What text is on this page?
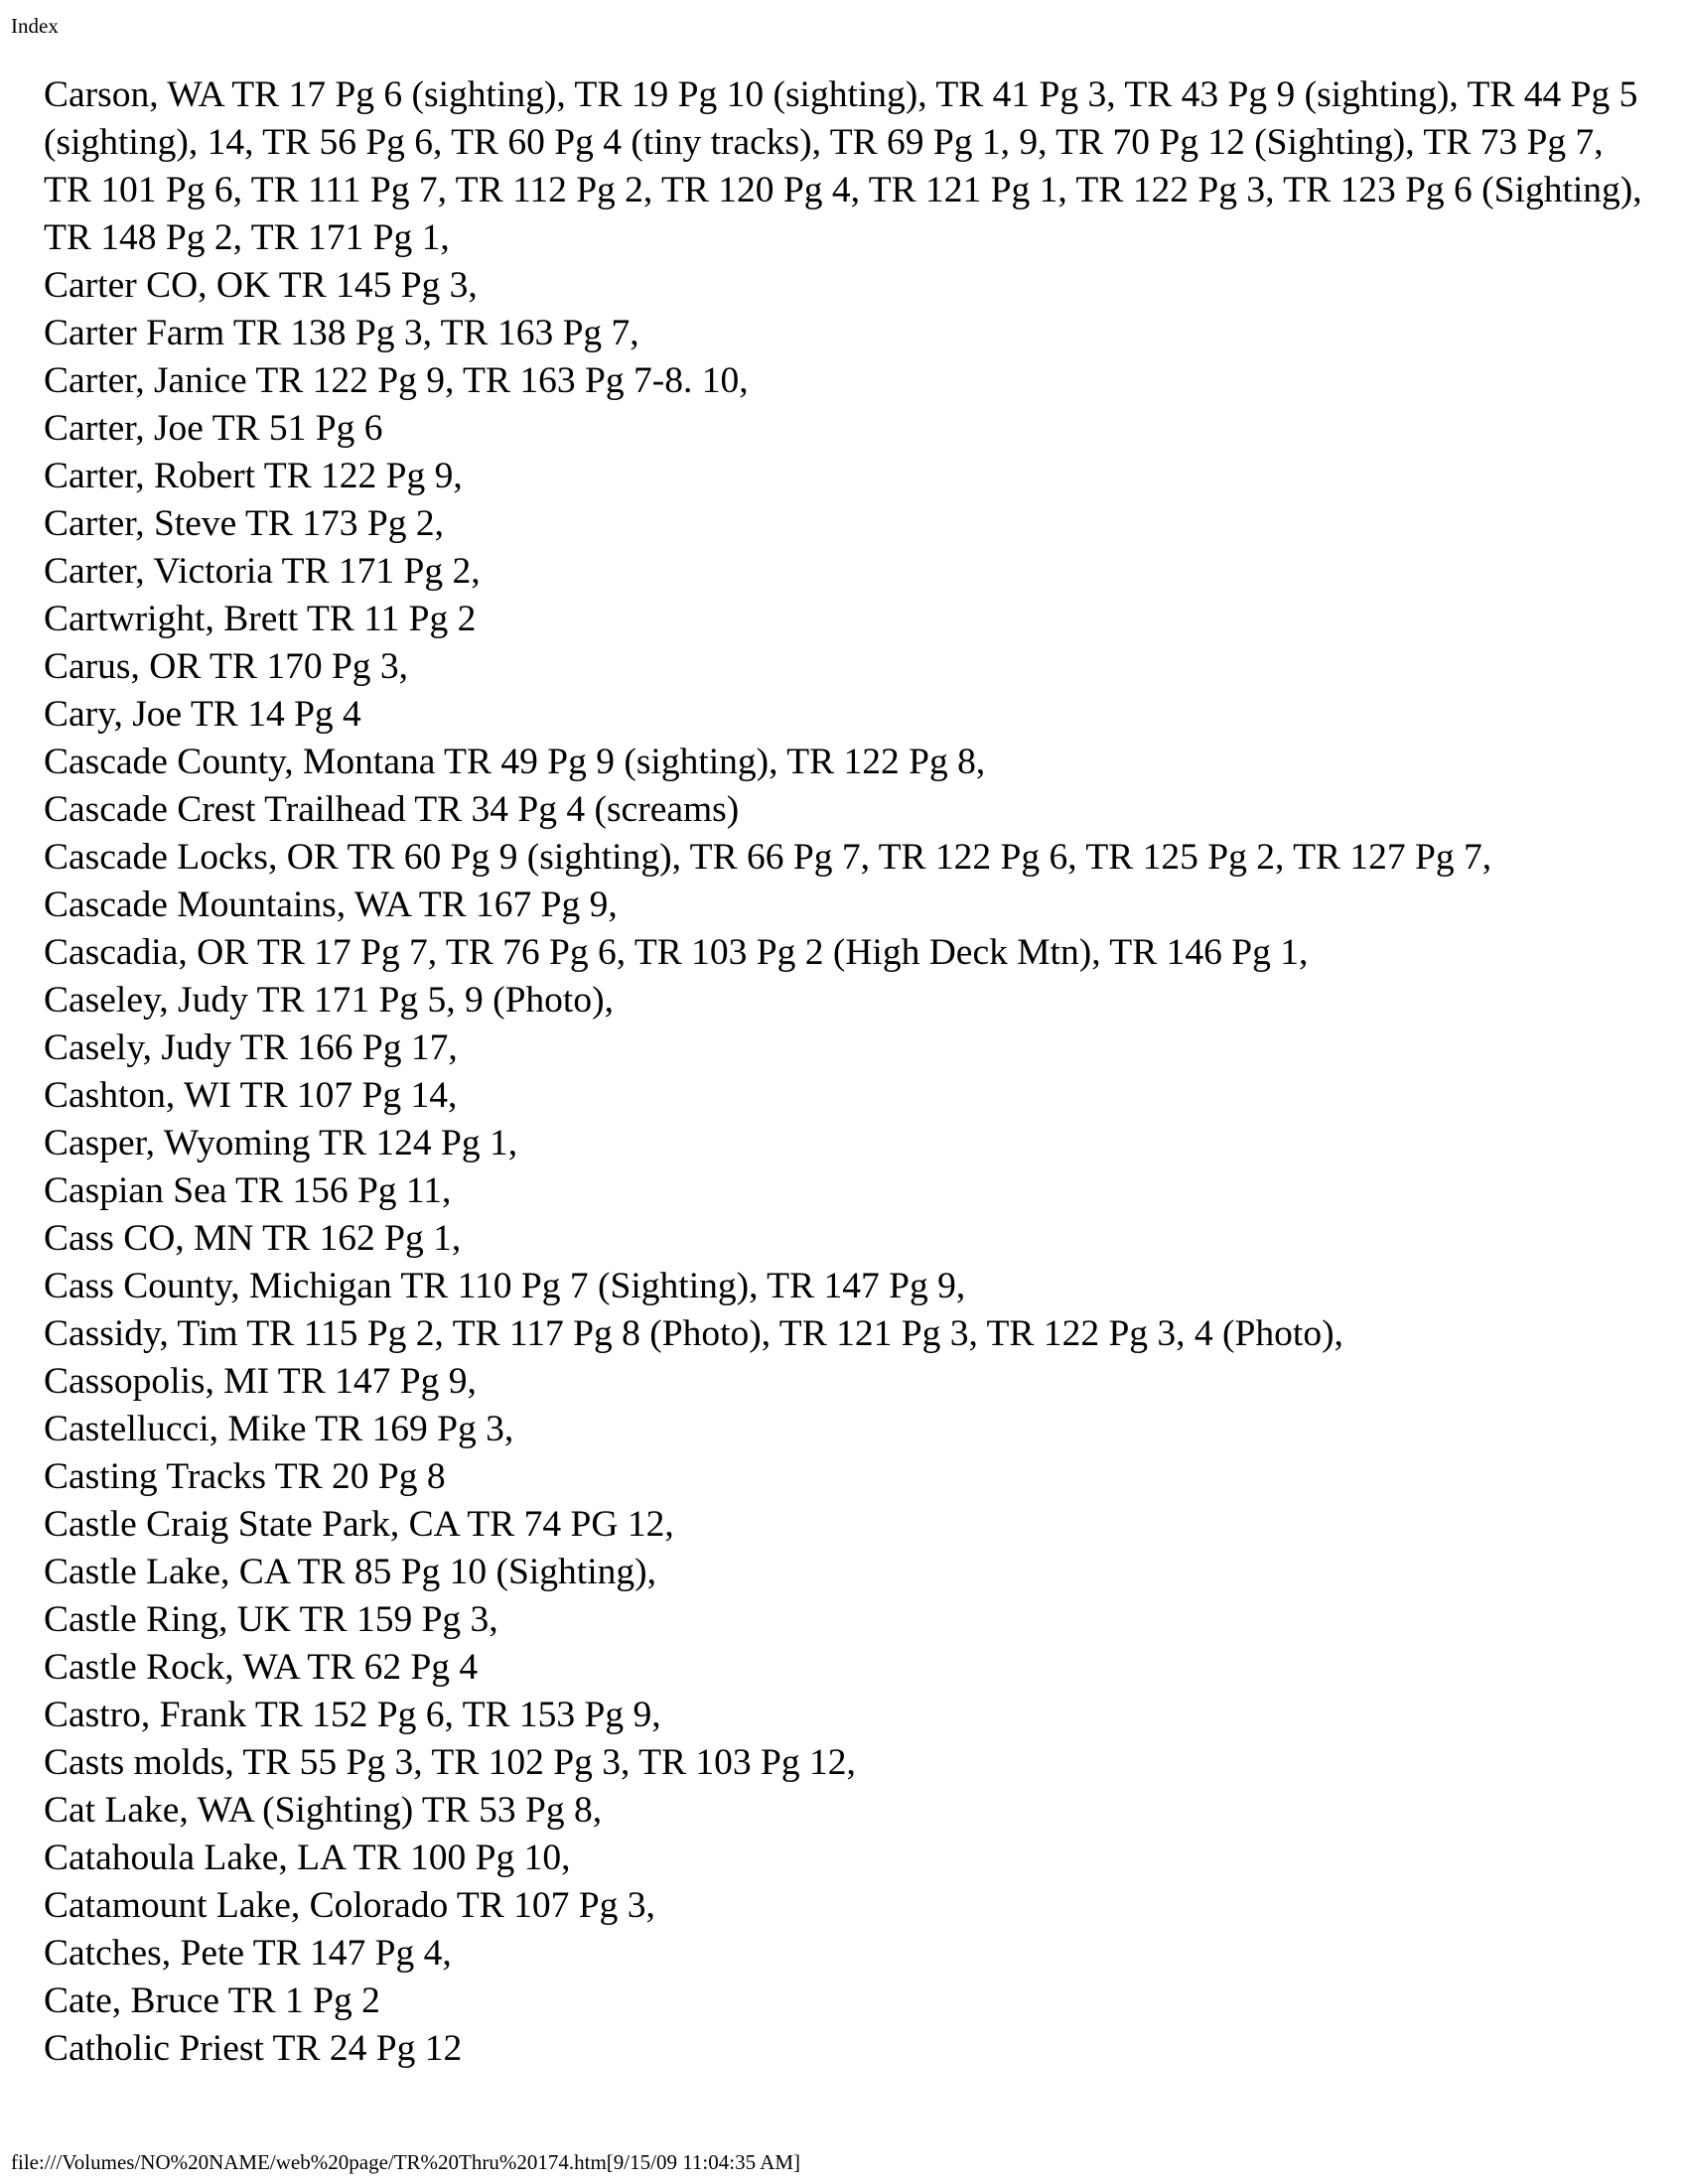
Index
Carson, WA TR 17 Pg 6 (sighting), TR 19 Pg 10 (sighting), TR 41 Pg 3, TR 43 Pg 9 (sighting), TR 44 Pg 5 (sighting), 14, TR 56 Pg 6, TR 60 Pg 4 (tiny tracks), TR 69 Pg 1, 9, TR 70 Pg 12 (Sighting), TR 73 Pg 7, TR 101 Pg 6, TR 111 Pg 7, TR 112 Pg 2, TR 120 Pg 4, TR 121 Pg 1, TR 122 Pg 3, TR 123 Pg 6 (Sighting), TR 148 Pg 2, TR 171 Pg 1,
Carter CO, OK TR 145 Pg 3,
Carter Farm TR 138 Pg 3, TR 163 Pg 7,
Carter, Janice TR 122 Pg 9, TR 163 Pg 7-8. 10,
Carter, Joe TR 51 Pg 6
Carter, Robert TR 122 Pg 9,
Carter, Steve TR 173 Pg 2,
Carter, Victoria TR 171 Pg 2,
Cartwright, Brett TR 11 Pg 2
Carus, OR TR 170 Pg 3,
Cary, Joe TR 14 Pg 4
Cascade County, Montana TR 49 Pg 9 (sighting), TR 122 Pg 8,
Cascade Crest Trailhead TR 34 Pg 4 (screams)
Cascade Locks, OR TR 60 Pg 9 (sighting), TR 66 Pg 7, TR 122 Pg 6, TR 125 Pg 2, TR 127 Pg 7,
Cascade Mountains, WA TR 167 Pg 9,
Cascadia, OR TR 17 Pg 7, TR 76 Pg 6, TR 103 Pg 2 (High Deck Mtn), TR 146 Pg 1,
Caseley, Judy TR 171 Pg 5, 9 (Photo),
Casely, Judy TR 166 Pg 17,
Cashton, WI TR 107 Pg 14,
Casper, Wyoming TR 124 Pg 1,
Caspian Sea TR 156 Pg 11,
Cass CO, MN TR 162 Pg 1,
Cass County, Michigan TR 110 Pg 7 (Sighting), TR 147 Pg 9,
Cassidy, Tim TR 115 Pg 2, TR 117 Pg 8 (Photo), TR 121 Pg 3, TR 122 Pg 3, 4 (Photo),
Cassopolis, MI TR 147 Pg 9,
Castellucci, Mike TR 169 Pg 3,
Casting Tracks TR 20 Pg 8
Castle Craig State Park, CA TR 74 PG 12,
Castle Lake, CA TR 85 Pg 10 (Sighting),
Castle Ring, UK TR 159 Pg 3,
Castle Rock, WA TR 62 Pg 4
Castro, Frank TR 152 Pg 6, TR 153 Pg 9,
Casts molds, TR 55 Pg 3, TR 102 Pg 3, TR 103 Pg 12,
Cat Lake, WA (Sighting) TR 53 Pg 8,
Catahoula Lake, LA TR 100 Pg 10,
Catamount Lake, Colorado TR 107 Pg 3,
Catches, Pete TR 147 Pg 4,
Cate, Bruce TR 1 Pg 2
Catholic Priest TR 24 Pg 12
file:///Volumes/NO%20NAME/web%20page/TR%20Thru%20174.htm[9/15/09 11:04:35 AM]
